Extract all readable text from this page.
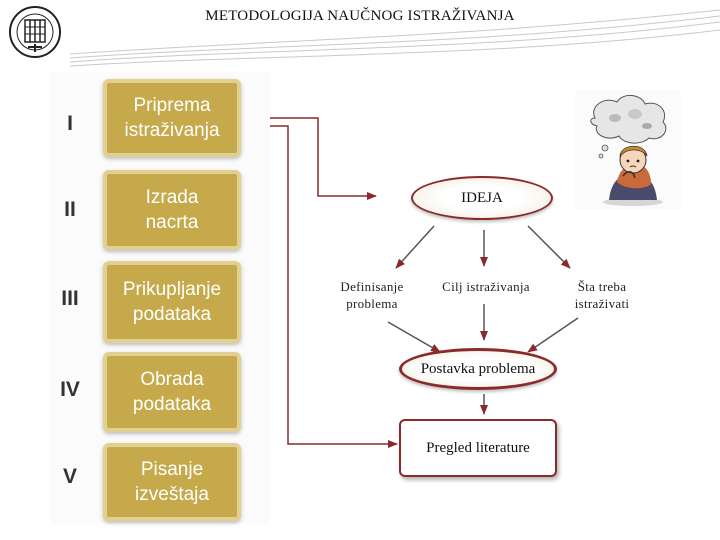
METODOLOGIJA NAUČNOG ISTRAŽIVANJA
I
II
III
IV
V
Priprema
istraživanja
Izrada
nacrta
Prikupljanje
podataka
Obrada
podataka
Pisanje
izveštaja
IDEJA
Definisanje
problema
Cilj istraživanja	Šta treba
istraživati
Postavka problema
Pregled literature
